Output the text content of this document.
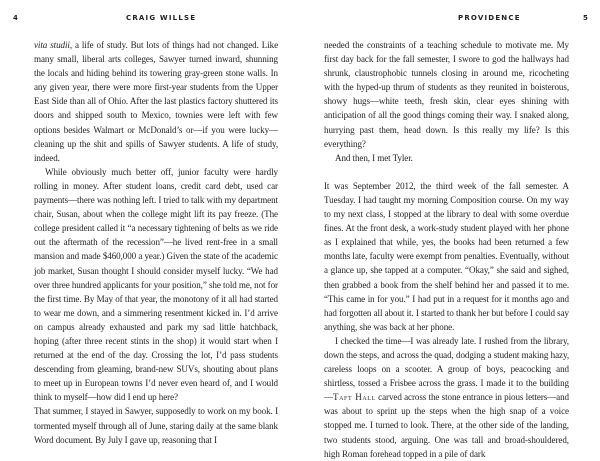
4	CRAIG WILLSE

vita studii, a life of study. But lots of things had not changed. Like many small, liberal arts colleges, Sawyer turned inward, shunning the locals and hiding behind its towering gray-green stone walls. In any given year, there were more first-year students from the Upper East Side than all of Ohio. After the last plastics factory shuttered its doors and shipped south to Mexico, townies were left with few options besides Walmart or McDonald’s or—if you were lucky—cleaning up the shit and spills of Sawyer students. A life of study, indeed.

While obviously much better off, junior faculty were hardly rolling in money. After student loans, credit card debt, used car payments—there was nothing left. I tried to talk with my department chair, Susan, about when the college might lift its pay freeze. (The college president called it “a necessary tightening of belts as we ride out the aftermath of the recession”—he lived rent-free in a small mansion and made $460,000 a year.) Given the state of the academic job market, Susan thought I should consider myself lucky. “We had over three hundred applicants for your position,” she told me, not for the first time. By May of that year, the monotony of it all had started to wear me down, and a simmering resentment kicked in. I’d arrive on campus already exhausted and park my sad little hatchback, hoping (after three recent stints in the shop) it would start when I returned at the end of the day. Crossing the lot, I’d pass students descending from gleaming, brand-new SUVs, shouting about plans to meet up in European towns I’d never even heard of, and I would think to myself—how did I end up here?

That summer, I stayed in Sawyer, supposedly to work on my book. I tormented myself through all of June, staring daily at the same blank Word document. By July I gave up, reasoning that I

PROVIDENCE	5

needed the constraints of a teaching schedule to motivate me. My first day back for the fall semester, I swore to god the hallways had shrunk, claustrophobic tunnels closing in around me, ricocheting with the hyped-up thrum of students as they reunited in boisterous, showy hugs—white teeth, fresh skin, clear eyes shining with anticipation of all the good things coming their way. I snaked along, hurrying past them, head down. Is this really my life? Is this everything?

And then, I met Tyler.

It was September 2012, the third week of the fall semester. A Tuesday. I had taught my morning Composition course. On my way to my next class, I stopped at the library to deal with some overdue fines. At the front desk, a work-study student played with her phone as I explained that while, yes, the books had been returned a few months late, faculty were exempt from penalties. Eventually, without a glance up, she tapped at a computer. “Okay,” she said and sighed, then grabbed a book from the shelf behind her and passed it to me. “This came in for you.” I had put in a request for it months ago and had forgotten all about it. I started to thank her but before I could say anything, she was back at her phone.

I checked the time—I was already late. I rushed from the library, down the steps, and across the quad, dodging a student making hazy, careless loops on a scooter. A group of boys, peacocking and shirtless, tossed a Frisbee across the grass. I made it to the building—Taft Hall carved across the stone entrance in pious letters—and was about to sprint up the steps when the high snap of a voice stopped me. I turned to look. There, at the other side of the landing, two students stood, arguing. One was tall and broad-shouldered, high Roman forehead topped in a pile of dark
